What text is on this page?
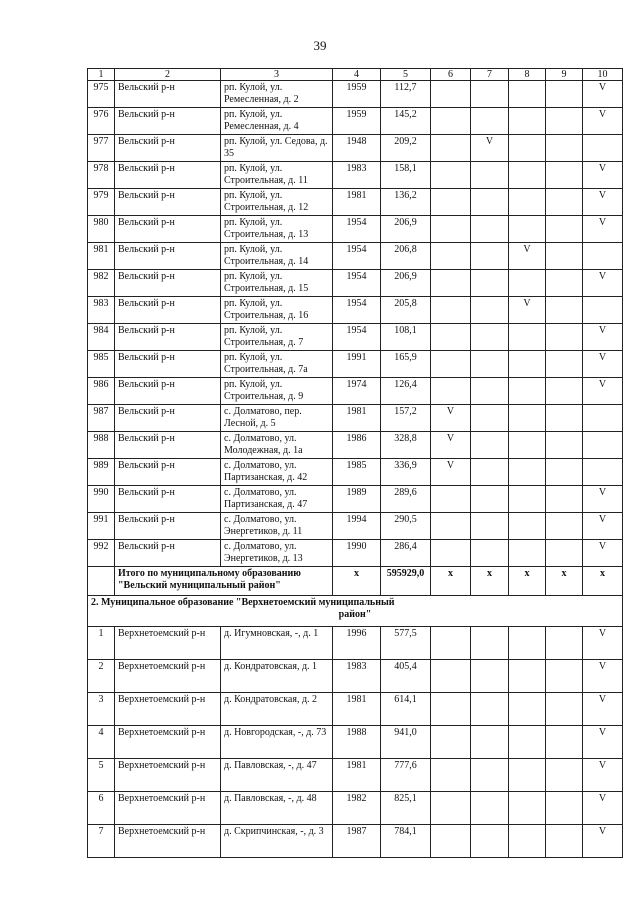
39
1	2	3	4	5	6	7	8	9	10
975	Вельский р-н	рп. Кулой, ул. Ремесленная, д. 2	1959	112,7					V
976	Вельский р-н	рп. Кулой, ул. Ремесленная, д. 4	1959	145,2					V
977	Вельский р-н	рп. Кулой, ул. Седова, д. 35	1948	209,2		V			
978	Вельский р-н	рп. Кулой, ул. Строительная, д. 11	1983	158,1					V
979	Вельский р-н	рп. Кулой, ул. Строительная, д. 12	1981	136,2					V
980	Вельский р-н	рп. Кулой, ул. Строительная, д. 13	1954	206,9					V
981	Вельский р-н	рп. Кулой, ул. Строительная, д. 14	1954	206,8			V		
982	Вельский р-н	рп. Кулой, ул. Строительная, д. 15	1954	206,9					V
983	Вельский р-н	рп. Кулой, ул. Строительная, д. 16	1954	205,8			V		
984	Вельский р-н	рп. Кулой, ул. Строительная, д. 7	1954	108,1					V
985	Вельский р-н	рп. Кулой, ул. Строительная, д. 7а	1991	165,9					V
986	Вельский р-н	рп. Кулой, ул. Строительная, д. 9	1974	126,4					V
987	Вельский р-н	с. Долматово, пер. Лесной, д. 5	1981	157,2	V				
988	Вельский р-н	с. Долматово, ул. Молодежная, д. 1а	1986	328,8	V				
989	Вельский р-н	с. Долматово, ул. Партизанская, д. 42	1985	336,9	V				
990	Вельский р-н	с. Долматово, ул. Партизанская, д. 47	1989	289,6					V
991	Вельский р-н	с. Долматово, ул. Энергетиков, д. 11	1994	290,5					V
992	Вельский р-н	с. Долматово, ул. Энергетиков, д. 13	1990	286,4					V
	Итого по муниципальному образованию "Вельский муниципальный район"		x	595929,0	x	x	x	x	x
2. Муниципальное образование "Верхнетоемский муниципальный
район"									

1	Верхнетоемский р-н	д. Игумновская, -, д. 1	1996	577,5					V
2	Верхнетоемский р-н	д. Кондратовская, д. 1	1983	405,4					V
3	Верхнетоемский р-н	д. Кондратовская, д. 2	1981	614,1					V
4	Верхнетоемский р-н	д. Новгородская, -, д. 73	1988	941,0					V
5	Верхнетоемский р-н	д. Павловская, -, д. 47	1981	777,6					V
6	Верхнетоемский р-н	д. Павловская, -, д. 48	1982	825,1					V
7	Верхнетоемский р-н	д. Скрипчинская, -, д. 3	1987	784,1					V
